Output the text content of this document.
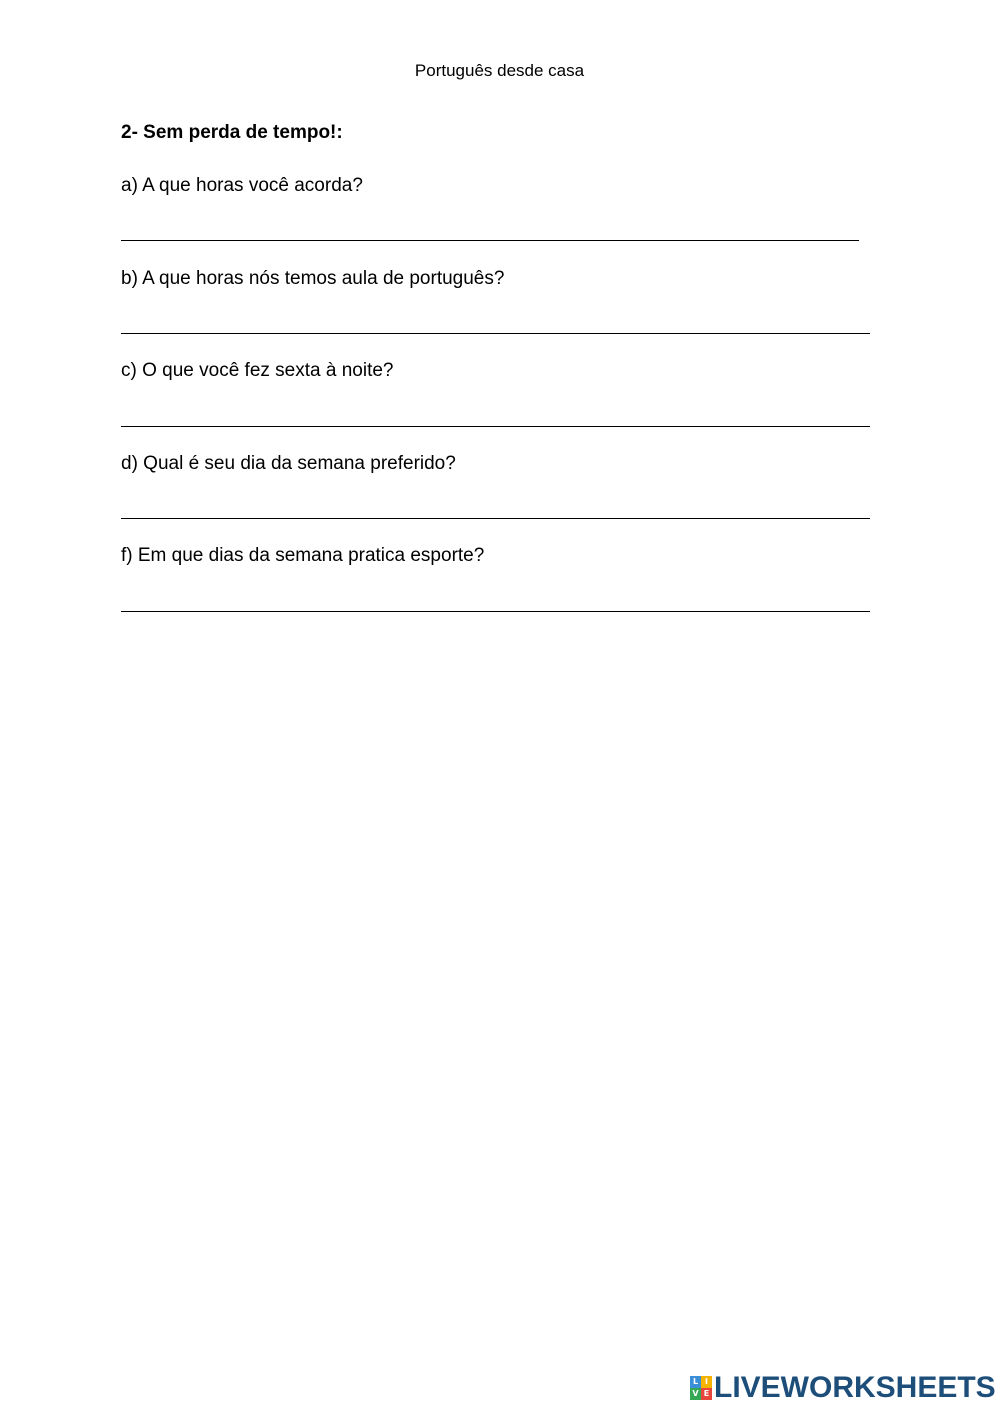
Português desde casa
2- Sem perda de tempo!:
a) A que horas você acorda?
b) A que horas nós temos aula de português?
c) O que você fez sexta à noite?
d) Qual é seu dia da semana preferido?
f) Em que dias da semana pratica esporte?
L I
V E LIVEWORKSHEETS
